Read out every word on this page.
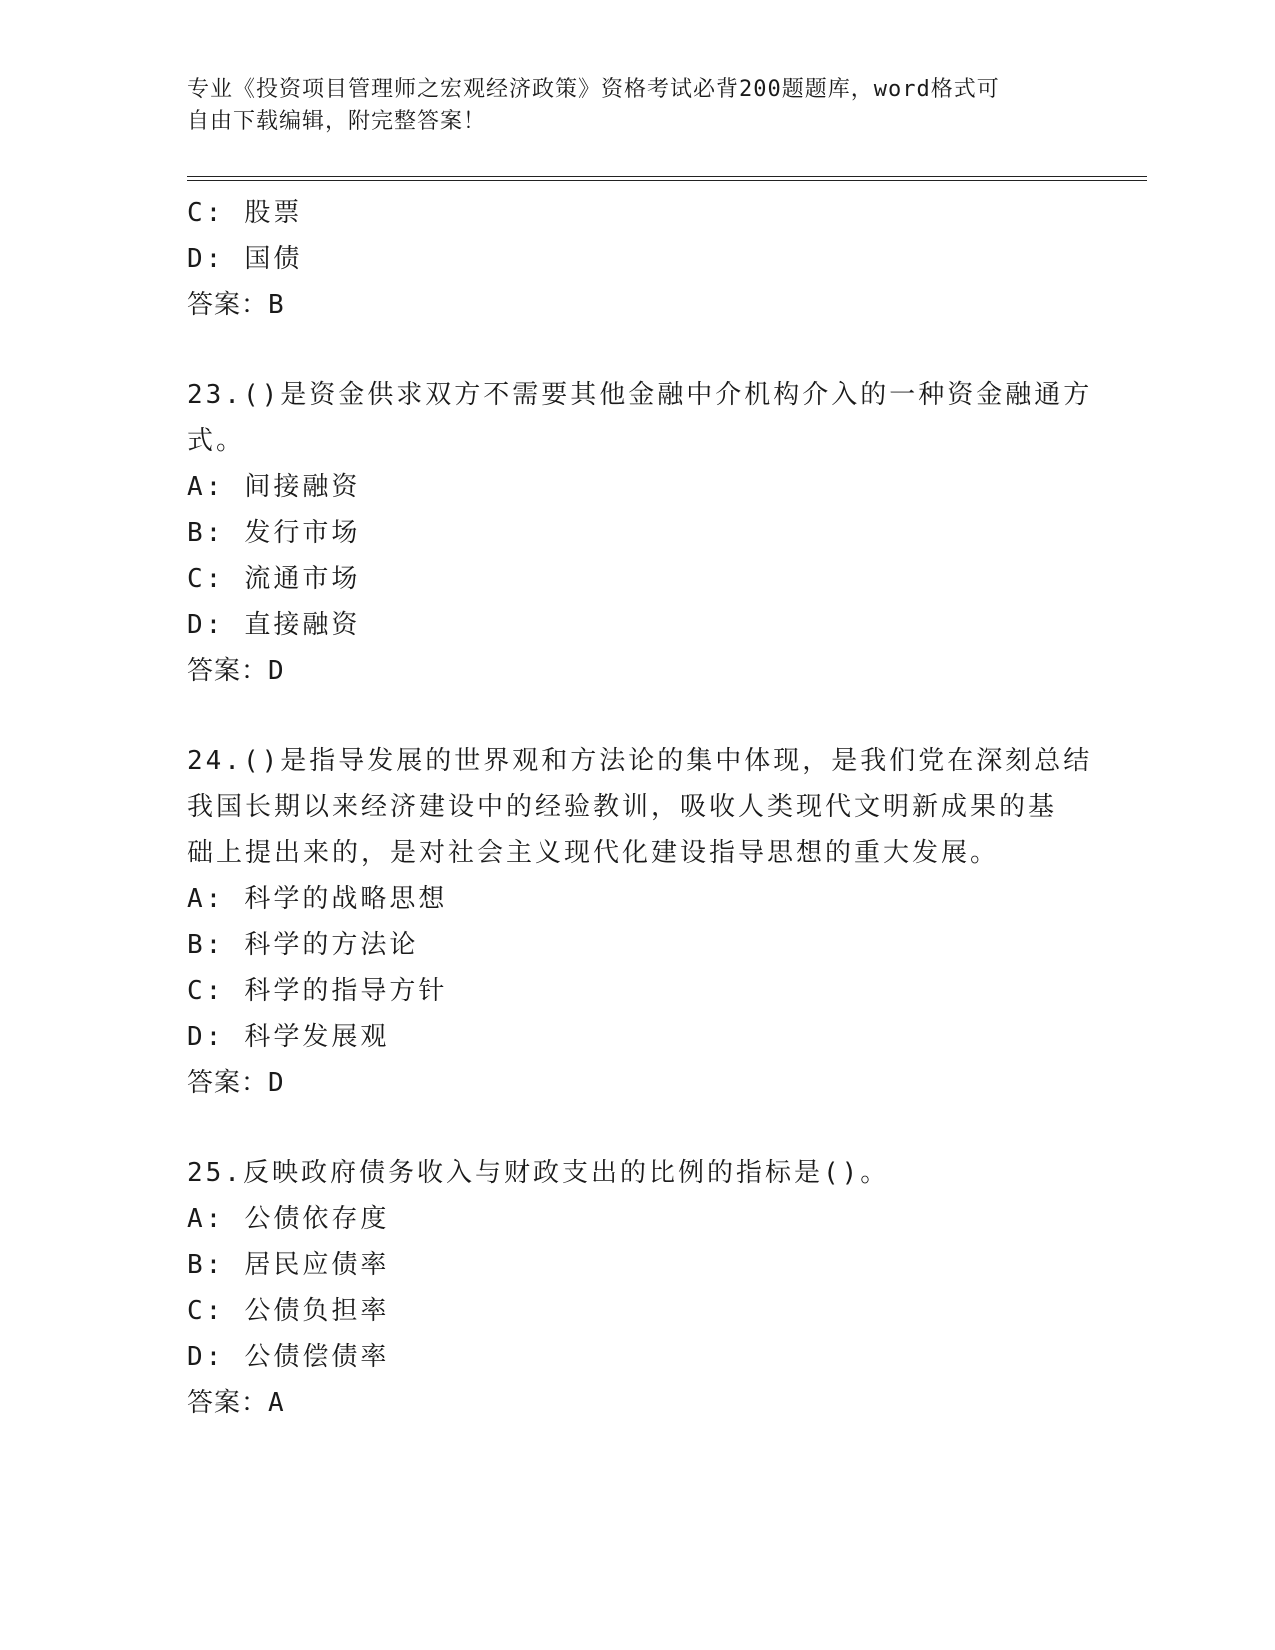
专业《投资项目管理师之宏观经济政策》资格考试必背200题题库，word格式可
自由下载编辑，附完整答案！
C: 股票
D: 国债
答案：B
23.()是资金供求双方不需要其他金融中介机构介入的一种资金融通方
式。
A: 间接融资
B: 发行市场
C: 流通市场
D: 直接融资
答案：D
24.()是指导发展的世界观和方法论的集中体现，是我们党在深刻总结
我国长期以来经济建设中的经验教训，吸收人类现代文明新成果的基
础上提出来的，是对社会主义现代化建设指导思想的重大发展。
A: 科学的战略思想
B: 科学的方法论
C: 科学的指导方针
D: 科学发展观
答案：D
25.反映政府债务收入与财政支出的比例的指标是()。
A: 公债依存度
B: 居民应债率
C: 公债负担率
D: 公债偿债率
答案：A
